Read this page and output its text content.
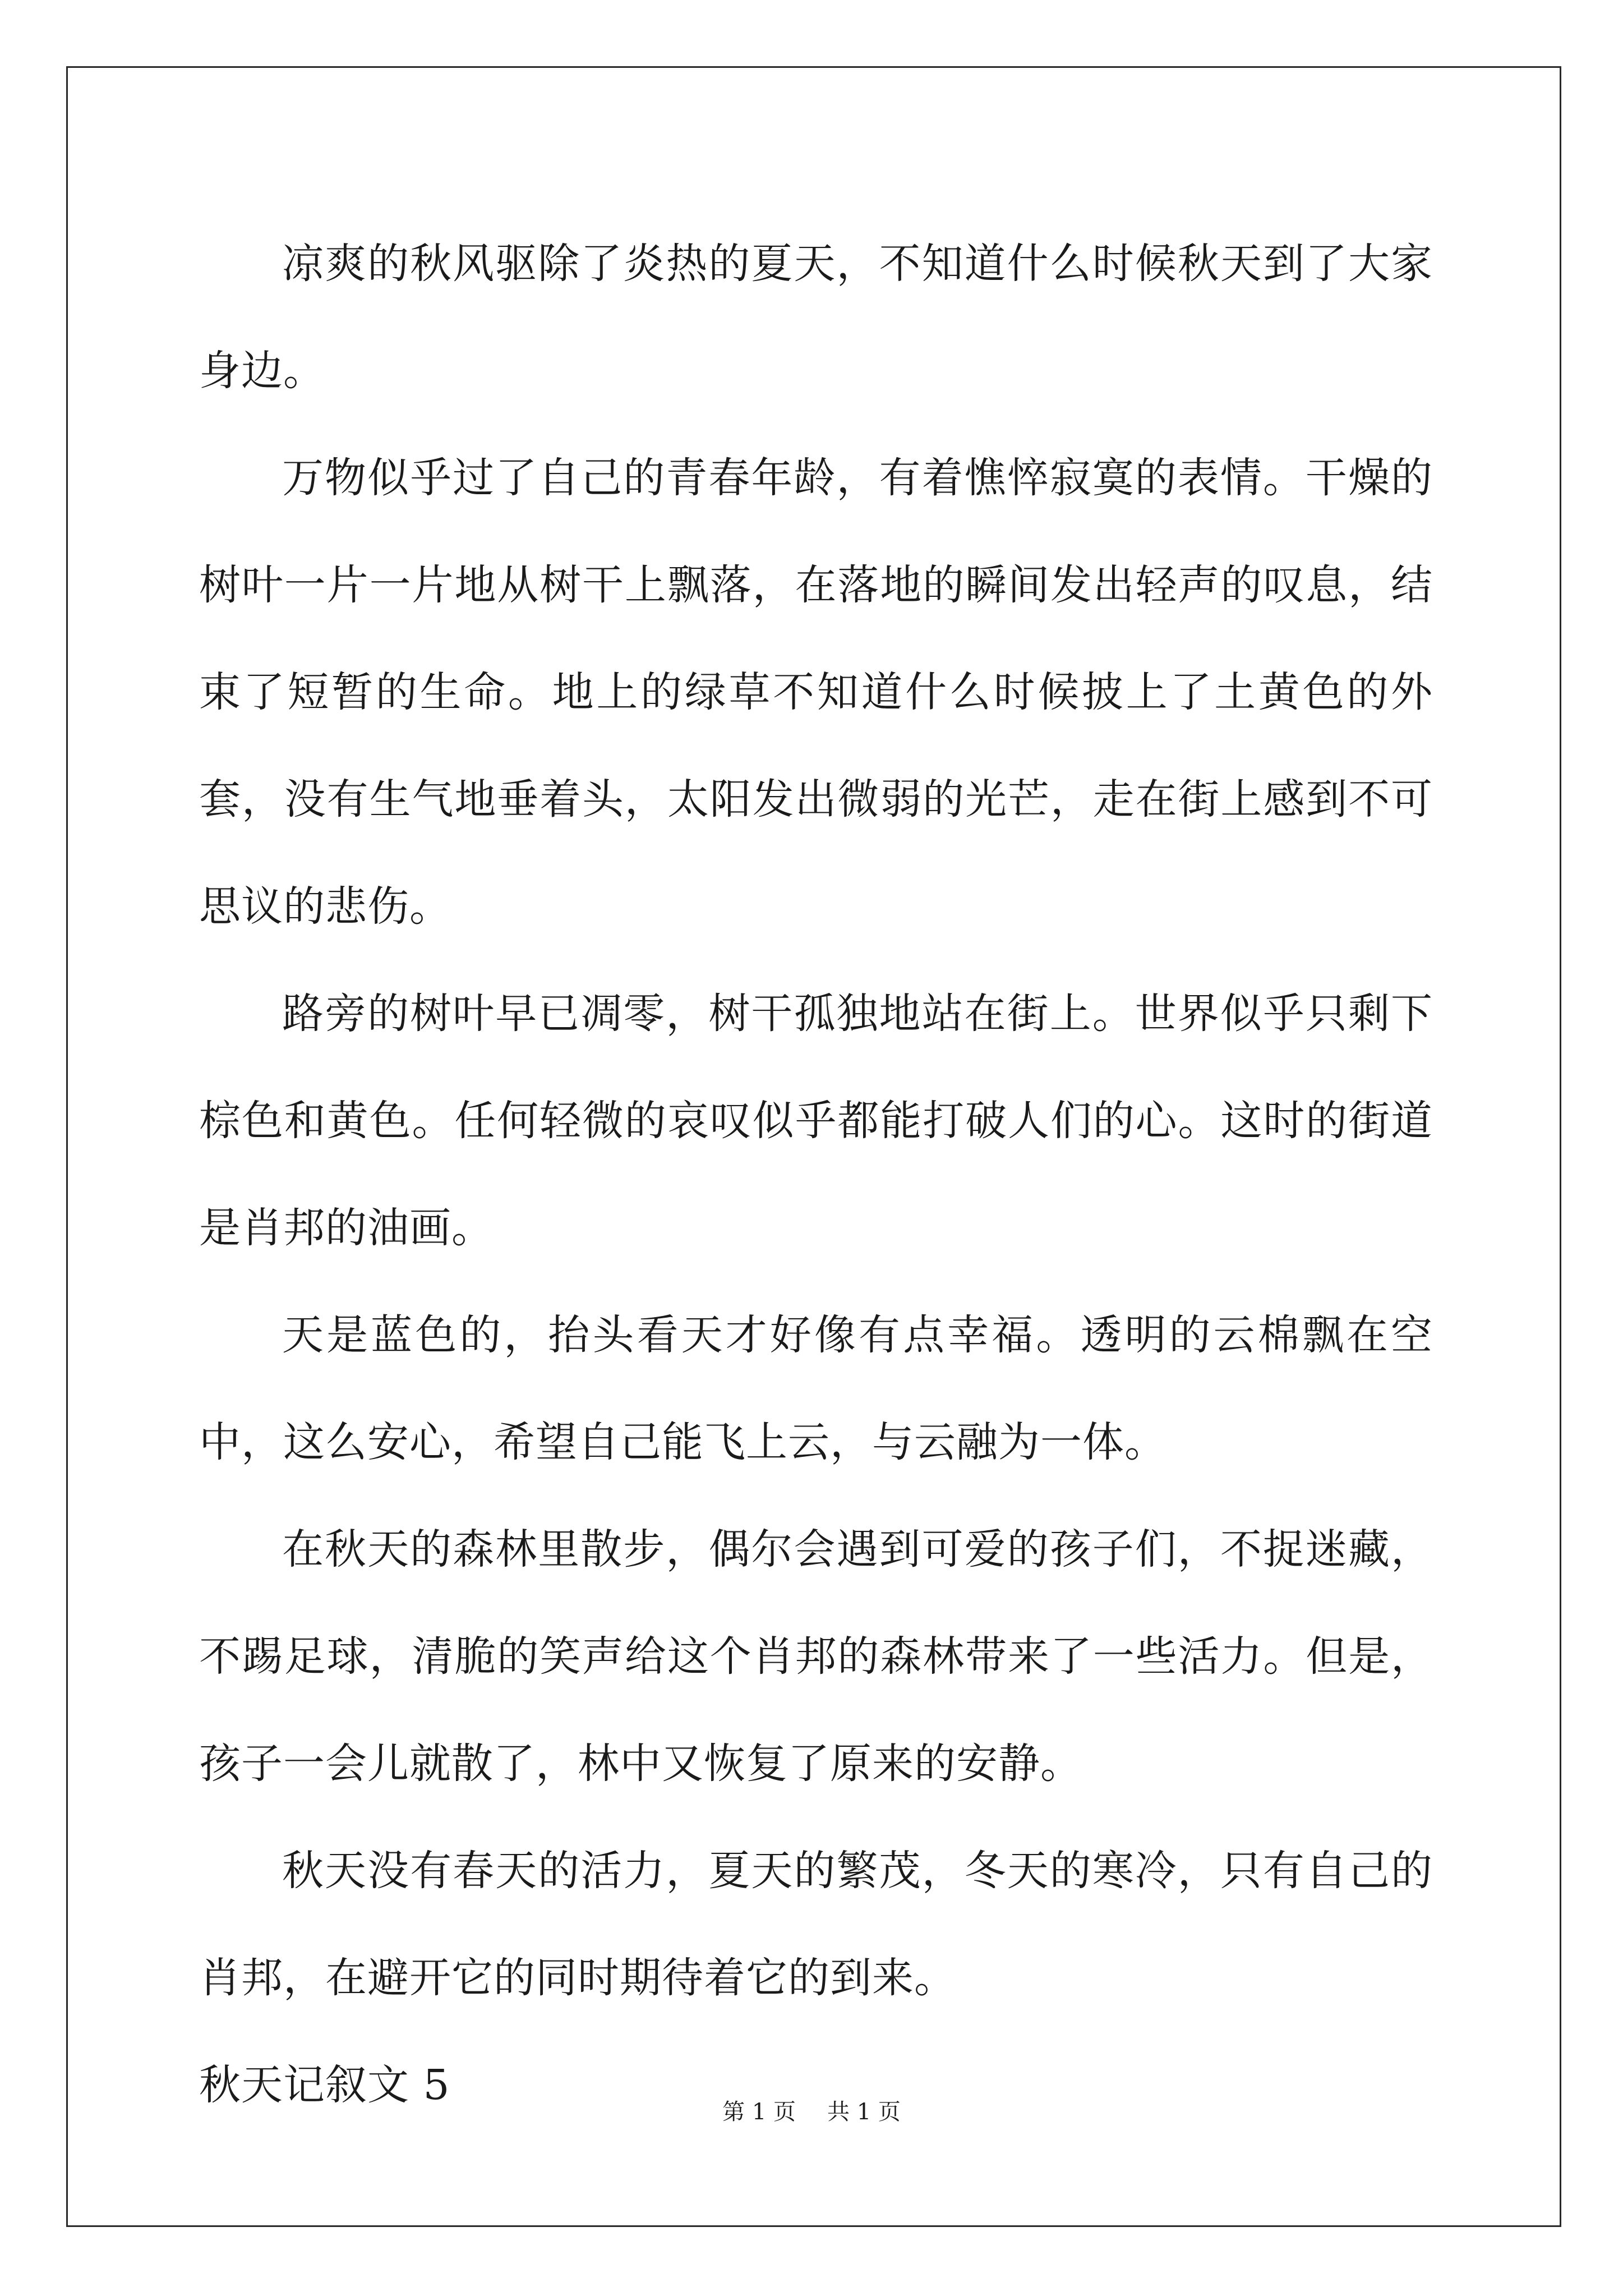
凉爽的秋风驱除了炎热的夏天，不知道什么时候秋天到了大家身边。

万物似乎过了自己的青春年龄，有着憔悴寂寞的表情。干燥的树叶一片一片地从树干上飘落，在落地的瞬间发出轻声的叹息，结束了短暂的生命。地上的绿草不知道什么时候披上了土黄色的外套，没有生气地垂着头，太阳发出微弱的光芒，走在街上感到不可思议的悲伤。

路旁的树叶早已凋零，树干孤独地站在街上。世界似乎只剩下棕色和黄色。任何轻微的哀叹似乎都能打破人们的心。这时的街道是肖邦的油画。

天是蓝色的，抬头看天才好像有点幸福。透明的云棉飘在空中，这么安心，希望自己能飞上云，与云融为一体。

在秋天的森林里散步，偶尔会遇到可爱的孩子们，不捉迷藏，不踢足球，清脆的笑声给这个肖邦的森林带来了一些活力。但是，孩子一会儿就散了，林中又恢复了原来的安静。

秋天没有春天的活力，夏天的繁茂，冬天的寒冷，只有自己的肖邦，在避开它的同时期待着它的到来。

秋天记叙文 5

第 1 页 共 1 页
